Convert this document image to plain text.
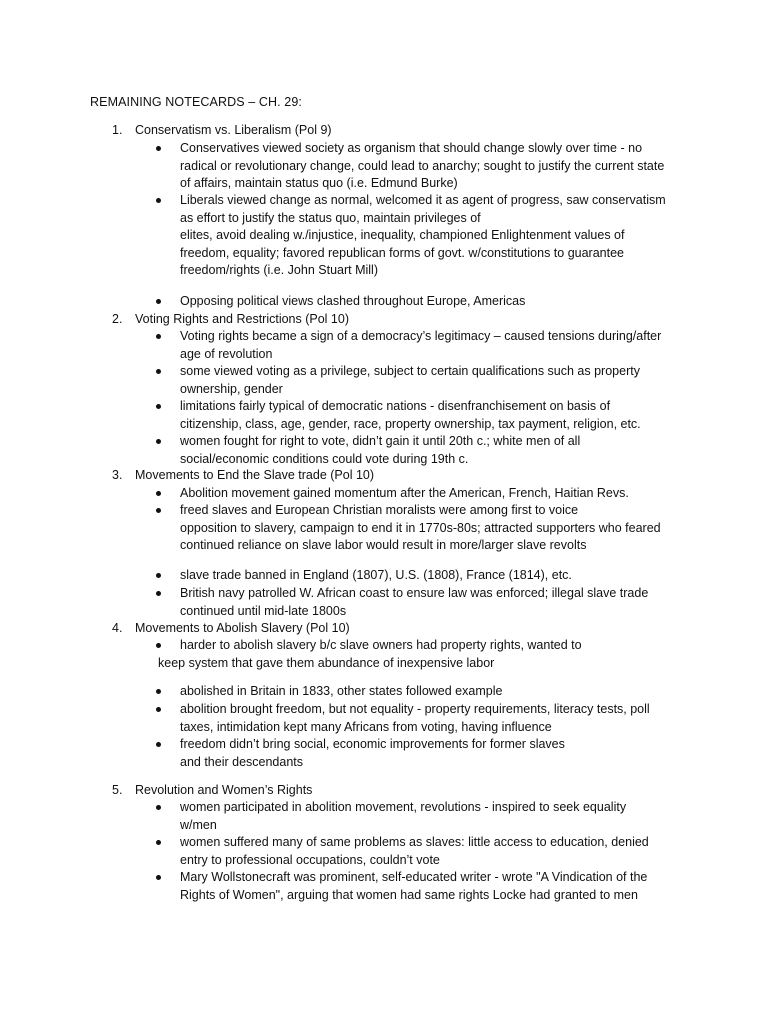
REMAINING NOTECARDS – CH. 29:
1.	Conservatism vs. Liberalism (Pol 9)
Conservatives viewed society as organism that should change slowly over time - no
radical or revolutionary change, could lead to anarchy; sought to justify the current state
of affairs, maintain status quo (i.e. Edmund Burke)
Liberals viewed change as normal, welcomed it as agent of progress, saw conservatism
as effort to justify the status quo, maintain privileges of
elites, avoid dealing w./injustice, inequality, championed Enlightenment values of
freedom, equality; favored republican forms of govt. w/constitutions to guarantee
freedom/rights (i.e. John Stuart Mill)
Opposing political views clashed throughout Europe, Americas
2.	Voting Rights and Restrictions (Pol 10)
Voting rights became a sign of a democracy’s legitimacy – caused tensions during/after
age of revolution
some viewed voting as a privilege, subject to certain qualifications such as property
ownership, gender
limitations fairly typical of democratic nations - disenfranchisement on basis of
citizenship, class, age, gender, race, property ownership, tax payment, religion, etc.
women fought for right to vote, didn’t gain it until 20th c.; white men of all
social/economic conditions could vote during 19th c.
3.	Movements to End the Slave trade (Pol 10)
Abolition movement gained momentum after the American, French, Haitian Revs.
freed slaves and European Christian moralists were among first to voice
opposition to slavery, campaign to end it in 1770s-80s; attracted supporters who feared
continued reliance on slave labor would result in more/larger slave revolts
slave trade banned in England (1807), U.S. (1808), France (1814), etc.
British navy patrolled W. African coast to ensure law was enforced; illegal slave trade
continued until mid-late 1800s
4.	Movements to Abolish Slavery (Pol 10)
harder to abolish slavery b/c slave owners had property rights, wanted to
keep system that gave them abundance of inexpensive labor
abolished in Britain in 1833, other states followed example
abolition brought freedom, but not equality - property requirements, literacy tests, poll
taxes, intimidation kept many Africans from voting, having influence
freedom didn’t bring social, economic improvements for former slaves
and their descendants
5.	Revolution and Women’s Rights
women participated in abolition movement, revolutions - inspired to seek equality
w/men
women suffered many of same problems as slaves: little access to education, denied
entry to professional occupations, couldn’t vote
Mary Wollstonecraft was prominent, self-educated writer - wrote "A Vindication of the
Rights of Women", arguing that women had same rights Locke had granted to men
